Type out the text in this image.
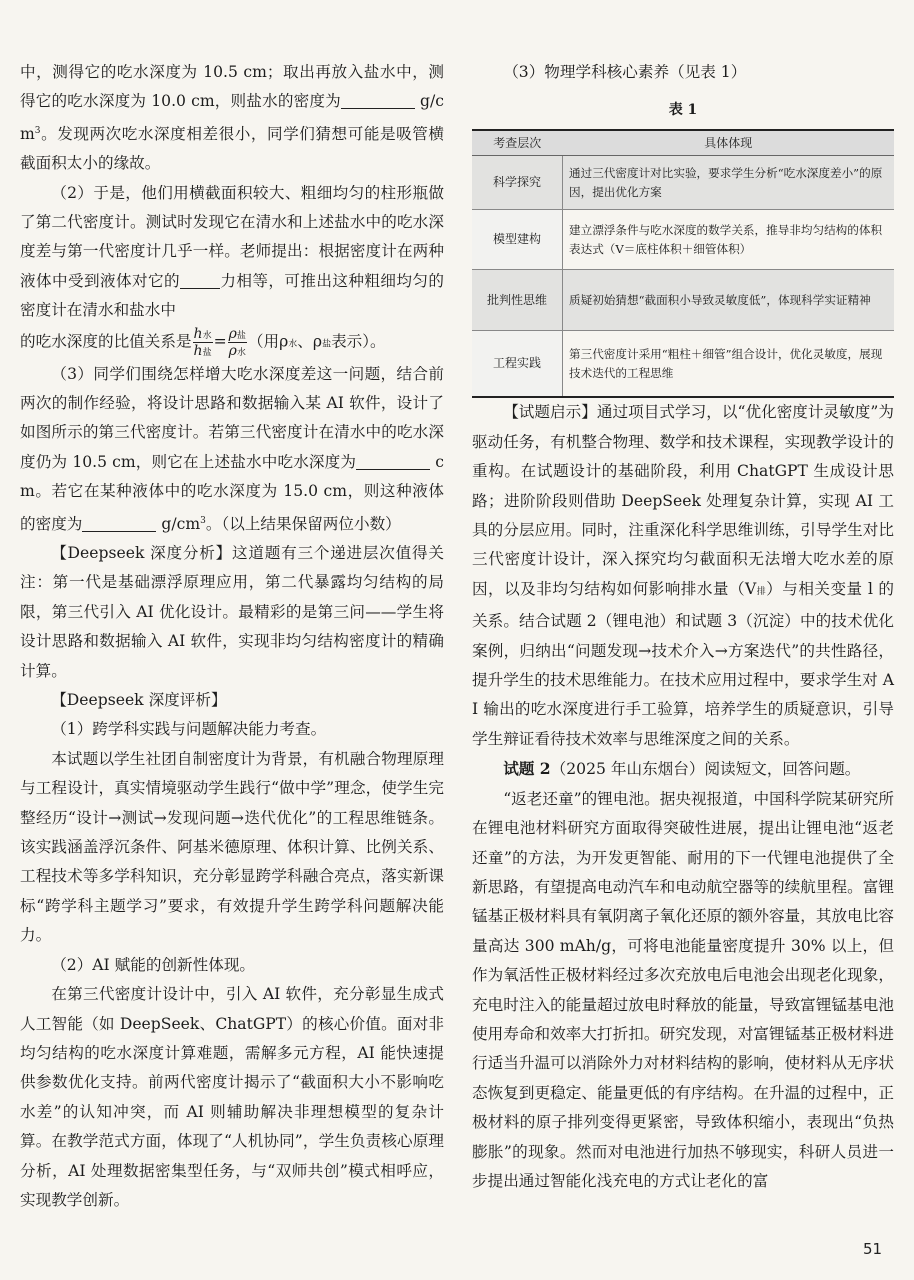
中，测得它的吃水深度为 10.5 cm；取出再放入盐水中，测得它的吃水深度为 10.0 cm，则盐水的密度为	$g/cm^3$。发现两次吃水深度相差很小，同学们猜想可能是吸管横截面积太小的缘故。

（2）于是，他们用横截面积较大、粗细均匀的柱形瓶做了第二代密度计。测试时发现它在清水和上述盐水中的吃水深度差与第一代密度计几乎一样。老师提出：根据密度计在两种液体中受到液体对它的	力相等，可推出这种粗细均匀的密度计在清水和盐水中

的吃水深度的比值关系是 $\frac{\text{h水}}{\text{h盐}} = \frac{\text{ρ盐}}{\text{ρ水}}$ （用ρ水、ρ盐表示）。

（3）同学们围绕怎样增大吃水深度差这一问题，结合前两次的制作经验，将设计思路和数据输入某 AI 软件，设计了如图所示的第三代密度计。若第三代密度计在清水中的吃水深度仍为 10.5 cm，则它在上述盐水中吃水深度为	cm。若它在某种液体中的吃水深度为 15.0 cm，则这种液体的密度为	$g/cm^3$。（以上结果保留两位小数）

【Deepseek 深度分析】这道题有三个递进层次值得关注：第一代是基础漂浮原理应用，第二代暴露均匀结构的局限，第三代引入 AI 优化设计。最精彩的是第三问——学生将设计思路和数据输入 AI 软件，实现非均匀结构密度计的精确计算。

【Deepseek 深度评析】

（1）跨学科实践与问题解决能力考查。

本试题以学生社团自制密度计为背景，有机融合物理原理与工程设计，真实情境驱动学生践行“做中学”理念，使学生完整经历“设计→测试→发现问题→迭代优化”的工程思维链条。该实践涵盖浮沉条件、阿基米德原理、体积计算、比例关系、工程技术等多学科知识，充分彰显跨学科融合亮点，落实新课标“跨学科主题学习”要求，有效提升学生跨学科问题解决能力。

（2）AI 赋能的创新性体现。

在第三代密度计设计中，引入 AI 软件，充分彰显生成式人工智能（如 DeepSeek、ChatGPT）的核心价值。面对非均匀结构的吃水深度计算难题，需解多元方程，AI 能快速提供参数优化支持。前两代密度计揭示了“截面积大小不影响吃水差”的认知冲突，而 AI 则辅助解决非理想模型的复杂计算。在教学范式方面，体现了“人机协同”，学生负责核心原理分析，AI 处理数据密集型任务，与“双师共创”模式相呼应，实现教学创新。

（3）物理学科核心素养（见表 1）

表 1
考查层次	具体体现
科学探究	通过三代密度计对比实验，要求学生分析“吃水深度差小”的原因，提出优化方案
模型建构	建立漂浮条件与吃水深度的数学关系，推导非均匀结构的体积表达式（V＝底柱体积＋细管体积）
批判性思维	质疑初始猜想“截面积小导致灵敏度低”，体现科学实证精神
工程实践	第三代密度计采用“粗柱＋细管”组合设计，优化灵敏度，展现技术迭代的工程思维

【试题启示】通过项目式学习，以“优化密度计灵敏度”为驱动任务，有机整合物理、数学和技术课程，实现教学设计的重构。在试题设计的基础阶段，利用 ChatGPT 生成设计思路；进阶阶段则借助 DeepSeek 处理复杂计算，实现 AI 工具的分层应用。同时，注重深化科学思维训练，引导学生对比三代密度计设计，深入探究均匀截面积无法增大吃水差的原因，以及非均匀结构如何影响排水量（V排）与相关变量 l 的关系。结合试题 2（锂电池）和试题 3（沉淀）中的技术优化案例，归纳出“问题发现→技术介入→方案迭代”的共性路径，提升学生的技术思维能力。在技术应用过程中，要求学生对 AI 输出的吃水深度进行手工验算，培养学生的质疑意识，引导学生辩证看待技术效率与思维深度之间的关系。

试题 2（2025 年山东烟台）阅读短文，回答问题。

“返老还童”的锂电池。据央视报道，中国科学院某研究所在锂电池材料研究方面取得突破性进展，提出让锂电池“返老还童”的方法，为开发更智能、耐用的下一代锂电池提供了全新思路，有望提高电动汽车和电动航空器等的续航里程。富锂锰基正极材料具有氧阴离子氧化还原的额外容量，其放电比容量高达 300 mAh/g，可将电池能量密度提升 30% 以上，但作为氧活性正极材料经过多次充放电后电池会出现老化现象，充电时注入的能量超过放电时释放的能量，导致富锂锰基电池使用寿命和效率大打折扣。研究发现，对富锂锰基正极材料进行适当升温可以消除外力对材料结构的影响，使材料从无序状态恢复到更稳定、能量更低的有序结构。在升温的过程中，正极材料的原子排列变得更紧密，导致体积缩小，表现出“负热膨胀”的现象。然而对电池进行加热不够现实，科研人员进一步提出通过智能化浅充电的方式让老化的富

51
